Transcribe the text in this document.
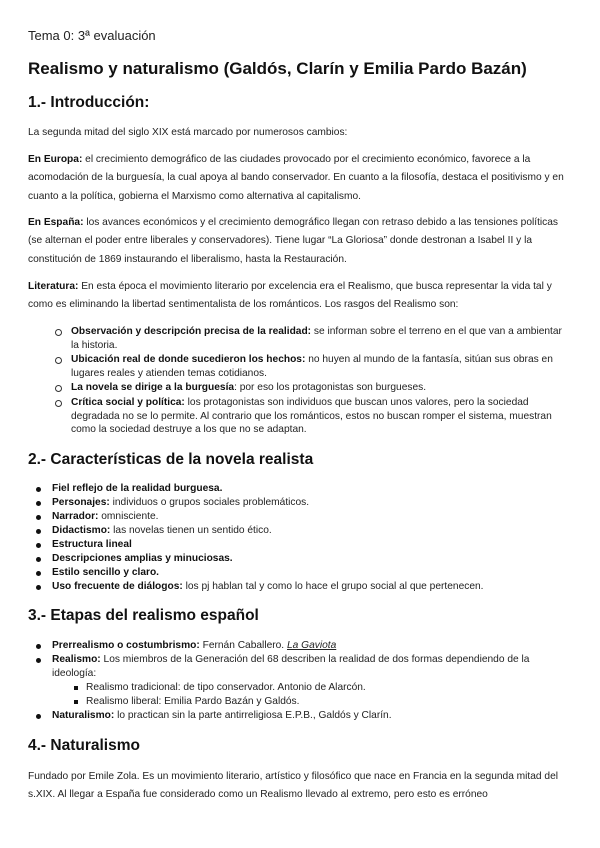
Tema 0: 3ª evaluación
Realismo y naturalismo (Galdós, Clarín y Emilia Pardo Bazán)
1.- Introducción:
La segunda mitad del siglo XIX está marcado por numerosos cambios:
En Europa: el crecimiento demográfico de las ciudades provocado por el crecimiento económico, favorece a la acomodación de la burguesía, la cual apoya al bando conservador. En cuanto a la filosofía, destaca el positivismo y en cuanto a la política, gobierna el Marxismo como alternativa al capitalismo.
En España: los avances económicos y el crecimiento demográfico llegan con retraso debido a las tensiones políticas (se alternan el poder entre liberales y conservadores). Tiene lugar “La Gloriosa” donde destronan a Isabel II y la constitución de 1869 instaurando el liberalismo, hasta la Restauración.
Literatura: En esta época el movimiento literario por excelencia era el Realismo, que busca representar la vida tal y como es eliminando la libertad sentimentalista de los románticos. Los rasgos del Realismo son:
Observación y descripción precisa de la realidad: se informan sobre el terreno en el que van a ambientar la historia.
Ubicación real de donde sucedieron los hechos: no huyen al mundo de la fantasía, sitúan sus obras en lugares reales y atienden temas cotidianos.
La novela se dirige a la burguesía: por eso los protagonistas son burgueses.
Crítica social y política: los protagonistas son individuos que buscan unos valores, pero la sociedad degradada no se lo permite. Al contrario que los románticos, estos no buscan romper el sistema, muestran como la sociedad destruye a los que no se adaptan.
2.- Características de la novela realista
Fiel reflejo de la realidad burguesa.
Personajes: individuos o grupos sociales problemáticos.
Narrador: omnisciente.
Didactismo: las novelas tienen un sentido ético.
Estructura lineal
Descripciones amplias y minuciosas.
Estilo sencillo y claro.
Uso frecuente de diálogos: los pj hablan tal y como lo hace el grupo social al que pertenecen.
3.- Etapas del realismo español
Prerrealismo o costumbrismo: Fernán Caballero. La Gaviota
Realismo: Los miembros de la Generación del 68 describen la realidad de dos formas dependiendo de la ideología:
Realismo tradicional: de tipo conservador. Antonio de Alarcón.
Realismo liberal: Emilia Pardo Bazán y Galdós.
Naturalismo: lo practican sin la parte antirreligiosa E.P.B., Galdós y Clarín.
4.- Naturalismo
Fundado por Emile Zola. Es un movimiento literario, artístico y filosófico que nace en Francia en la segunda mitad del s.XIX. Al llegar a España fue considerado como un Realismo llevado al extremo, pero esto es erróneo
